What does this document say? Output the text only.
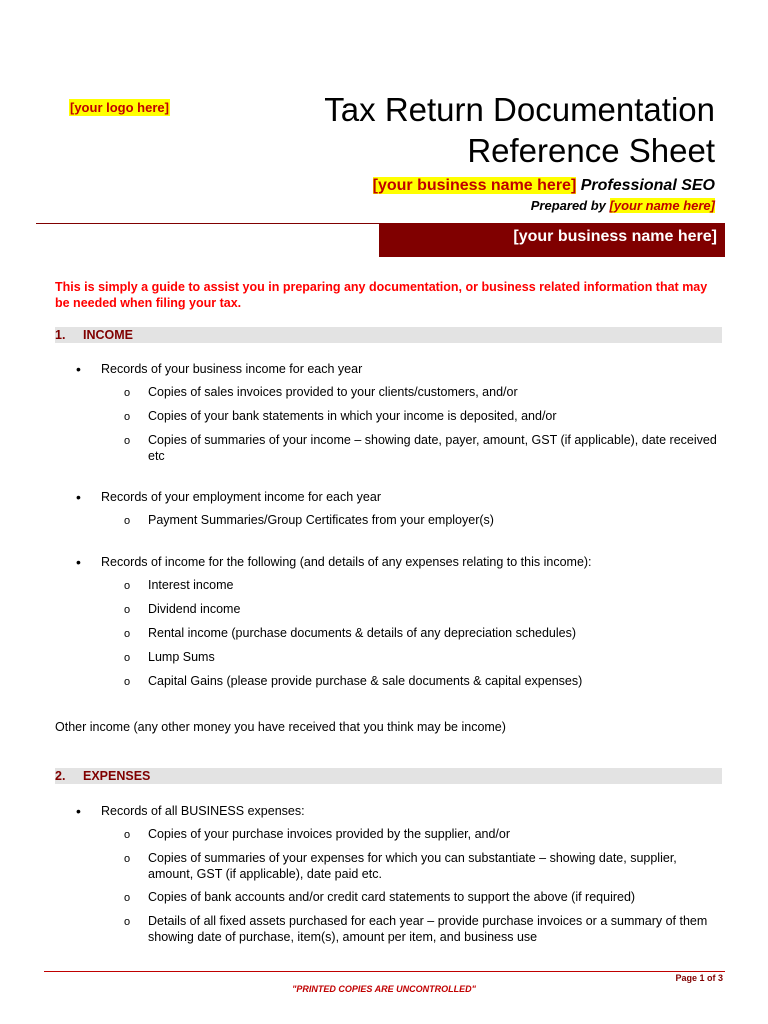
[your logo here]	Tax Return Documentation
Reference Sheet
[your business name here] Professional SEO
Prepared by [your name here]
[your business name here]
This is simply a guide to assist you in preparing any documentation, or business related information that may be needed when filing your tax.
1. INCOME
• Records of your business income for each year
o Copies of sales invoices provided to your clients/customers, and/or
o Copies of your bank statements in which your income is deposited, and/or
o Copies of summaries of your income – showing date, payer, amount, GST (if applicable), date received etc
• Records of your employment income for each year
o Payment Summaries/Group Certificates from your employer(s)
• Records of income for the following (and details of any expenses relating to this income):
o Interest income
o Dividend income
o Rental income (purchase documents & details of any depreciation schedules)
o Lump Sums
o Capital Gains (please provide purchase & sale documents & capital expenses)
Other income (any other money you have received that you think may be income)
2. EXPENSES
• Records of all BUSINESS expenses:
o Copies of your purchase invoices provided by the supplier, and/or
o Copies of summaries of your expenses for which you can substantiate – showing date, supplier, amount, GST (if applicable), date paid etc.
o Copies of bank accounts and/or credit card statements to support the above (if required)
o Details of all fixed assets purchased for each year – provide purchase invoices or a summary of them showing date of purchase, item(s), amount per item, and business use
Page 1 of 3
"PRINTED COPIES ARE UNCONTROLLED"
